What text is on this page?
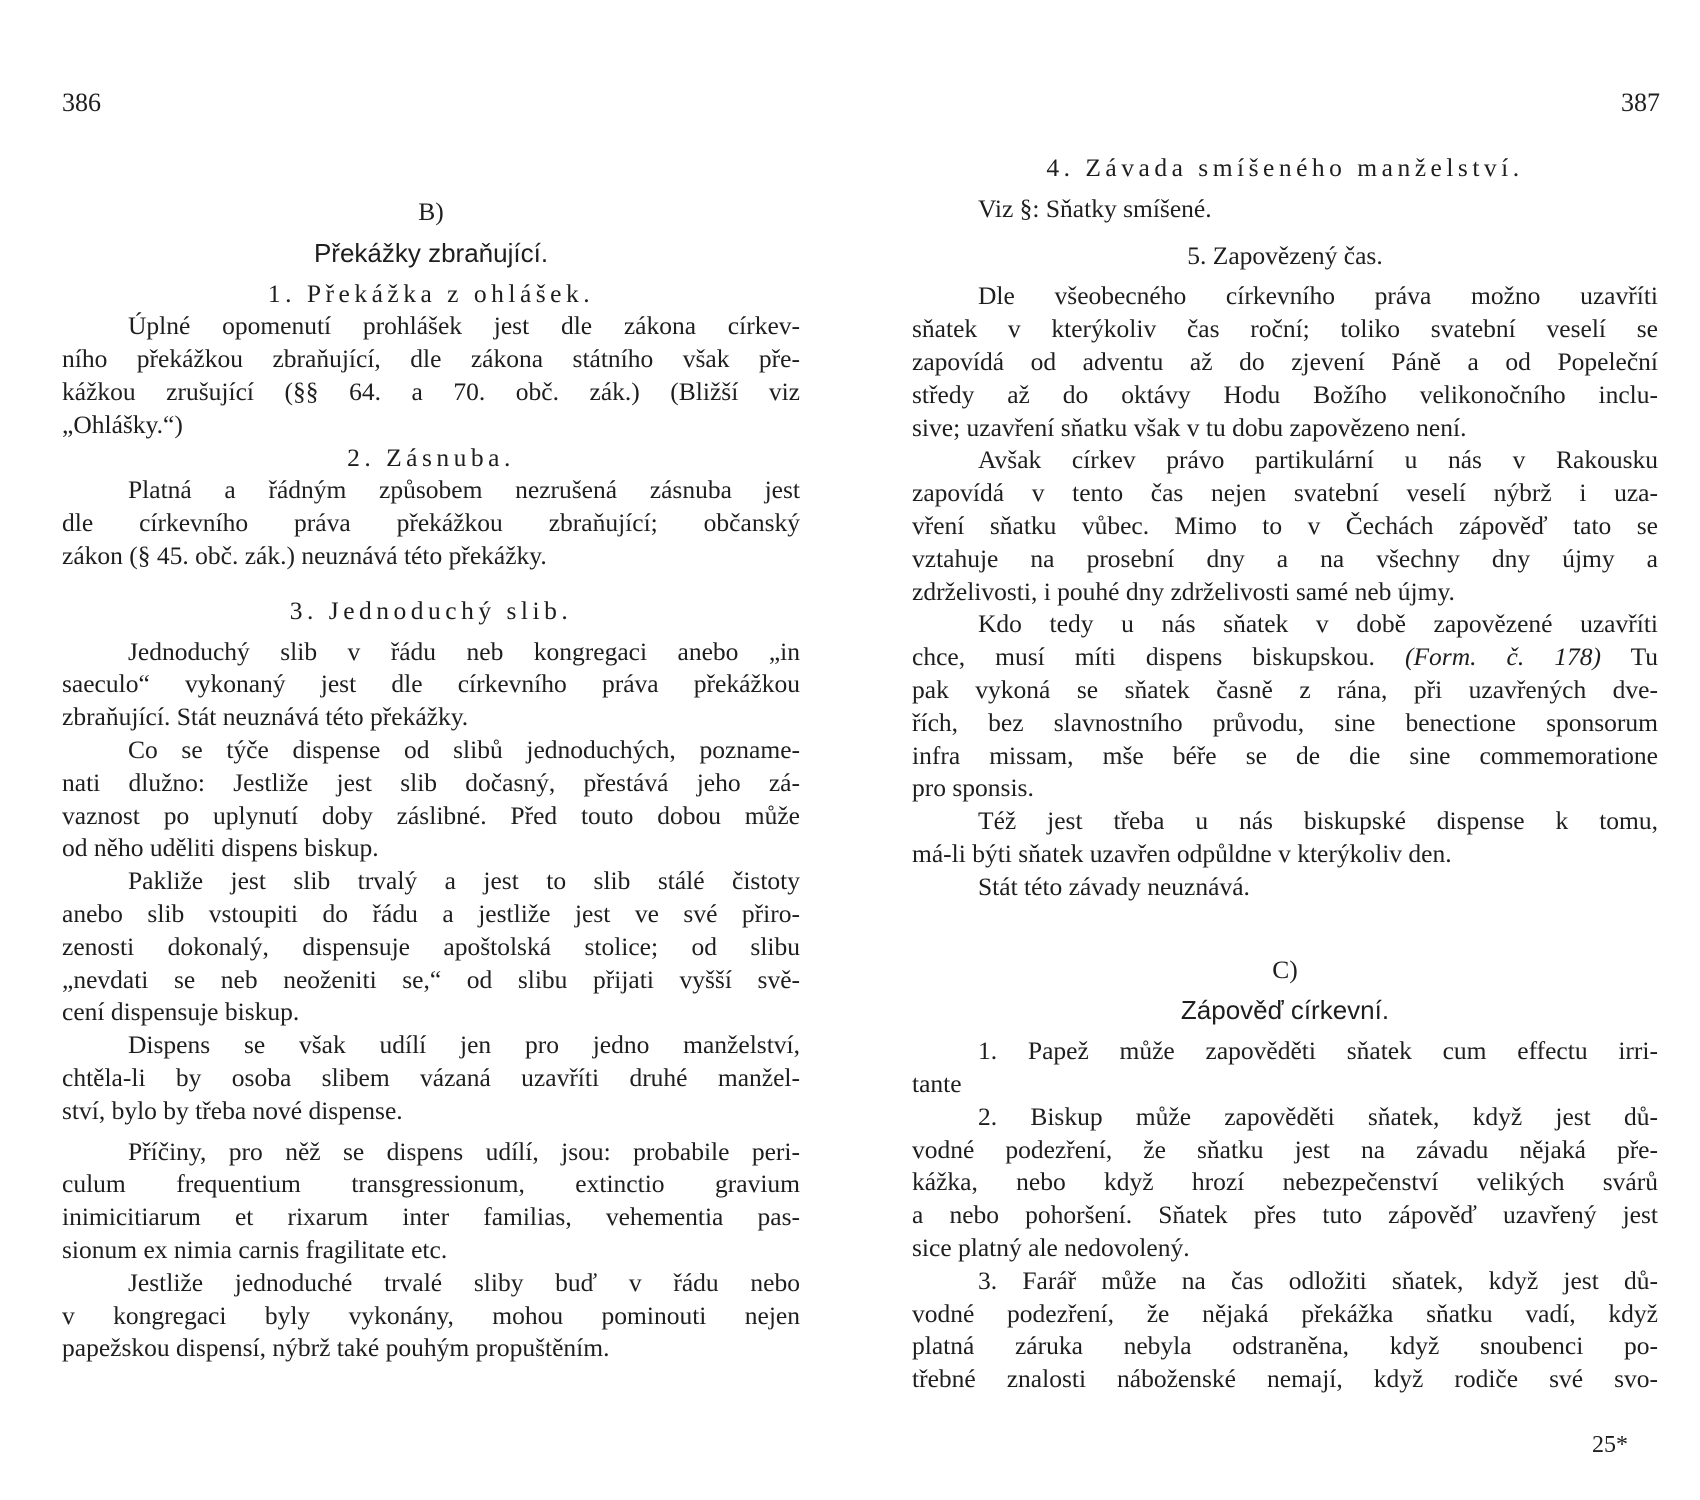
386
B)
Překážky zbraňující.
1. Překážka z ohlášek.
Úplné opomenutí prohlášek jest dle zákona církev-
ního překážkou zbraňující, dle zákona státního však pře-
kážkou zrušující (§§ 64. a 70. obč. zák.) (Bližší viz
„Ohlášky.“)
2. Zásnuba.
Platná a řádným způsobem nezrušená zásnuba jest
dle církevního práva překážkou zbraňující; občanský
zákon (§ 45. obč. zák.) neuznává této překážky.
3. Jednoduchý slib.
Jednoduchý slib v řádu neb kongregaci anebo „in
saeculo“ vykonaný jest dle církevního práva překážkou
zbraňující. Stát neuznává této překážky.
Co se týče dispense od slibů jednoduchých, poznamе-
nati dlužno: Jestliže jest slib dočasný, přestává jeho zá-
vaznost po uplynutí doby záslibné. Před touto dobou může
od něho uděliti dispens biskup.
Pakliže jest slib trvalý a jest to slib stálé čistoty
anebo slib vstoupiti do řádu a jestliže jest ve své přiro-
zenosti dokonalý, dispensuje apoštolská stolice; od slibu
„nevdati se neb neoženiti se,“ od slibu přijati vyšší svě-
cení dispensuje biskup.
Dispens se však udílí jen pro jedno manželství,
chtěla-li by osoba slibem vázaná uzavříti druhé manžel-
ství, bylo by třeba nové dispense.
Příčiny, pro něž se dispens udílí, jsou: probabile peri-
culum frequentium transgressionum, extinctio gravium
inimicitiarum et rixarum inter familias, vehementia pas-
sionum ex nimia carnis fragilitate etc.
Jestliže jednoduché trvalé sliby buď v řádu nebo
v kongregaci byly vykonány, mohou pominouti nejen
papežskou dispensí, nýbrž také pouhým propuštěním.
387
4. Závada smíšeného manželství.
Viz §: Sňatky smíšené.
5. Zapovězený čas.
Dle všeobecného církevního práva možno uzavříti
sňatek v kterýkoliv čas roční; toliko svatební veselí se
zapovídá od adventu až do zjevení Páně a od Popeleční
středy až do oktávy Hodu Božího velikonočního inclu-
sive; uzavření sňatku však v tu dobu zapovězeno není.
Avšak církev právo partikulární u nás v Rakousku
zapovídá v tento čas nejen svatební veselí nýbrž i uza-
vření sňatku vůbec. Mimo to v Čechách zápověď tato se
vztahuje na prosební dny a na všechny dny újmy a
zdrželivosti, i pouhé dny zdrželivosti samé neb újmy.
Kdo tedy u nás sňatek v době zapovězené uzavříti
chce, musí míti dispens biskupskou. (Form. č. 178) Tu
pak vykoná se sňatek časně z rána, při uzavřených dve-
řích, bez slavnostního průvodu, sine benectione sponsorum
infra missam, mše béře se de die sine commemoratione
pro sponsis.
Též jest třeba u nás biskupské dispense k tomu,
má-li býti sňatek uzavřen odpůldne v kterýkoliv den.
Stát této závady neuznává.
C)
Zápověď církevní.
1. Papež může zapověděti sňatek cum effectu irri-
tante
2. Biskup může zapověděti sňatek, když jest dů-
vodné podezření, že sňatku jest na závadu nějaká pře-
kážka, nebo když hrozí nebezpečenství velikých svárů
a nebo pohoršení. Sňatek přes tuto zápověď uzavřený jest
sice platný ale nedovolený.
3. Farář může na čas odložiti sňatek, když jest dů-
vodné podezření, že nějaká překážka sňatku vadí, když
platná záruka nebyla odstraněna, když snoubenci po-
třebné znalosti náboženské nemají, když rodiče své svo-
25*
